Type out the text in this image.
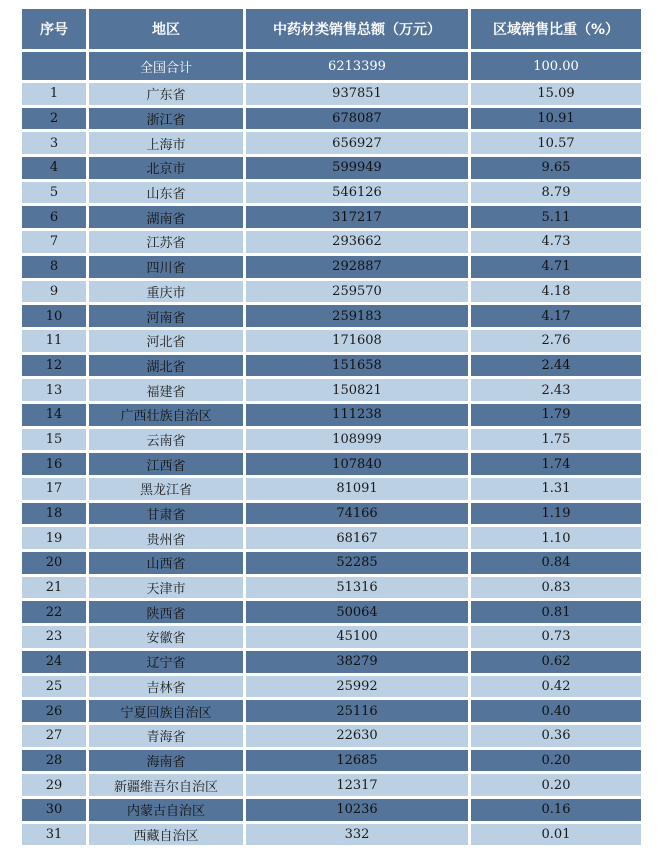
序号	地区	中药材类销售总额（万元）	区域销售比重（%）
	全国合计	6213399	100.00
1	广东省	937851	15.09
2	浙江省	678087	10.91
3	上海市	656927	10.57
4	北京市	599949	9.65
5	山东省	546126	8.79
6	湖南省	317217	5.11
7	江苏省	293662	4.73
8	四川省	292887	4.71
9	重庆市	259570	4.18
10	河南省	259183	4.17
11	河北省	171608	2.76
12	湖北省	151658	2.44
13	福建省	150821	2.43
14	广西壮族自治区	111238	1.79
15	云南省	108999	1.75
16	江西省	107840	1.74
17	黑龙江省	81091	1.31
18	甘肃省	74166	1.19
19	贵州省	68167	1.10
20	山西省	52285	0.84
21	天津市	51316	0.83
22	陕西省	50064	0.81
23	安徽省	45100	0.73
24	辽宁省	38279	0.62
25	吉林省	25992	0.42
26	宁夏回族自治区	25116	0.40
27	青海省	22630	0.36
28	海南省	12685	0.20
29	新疆维吾尔自治区	12317	0.20
30	内蒙古自治区	10236	0.16
31	西藏自治区	332	0.01
